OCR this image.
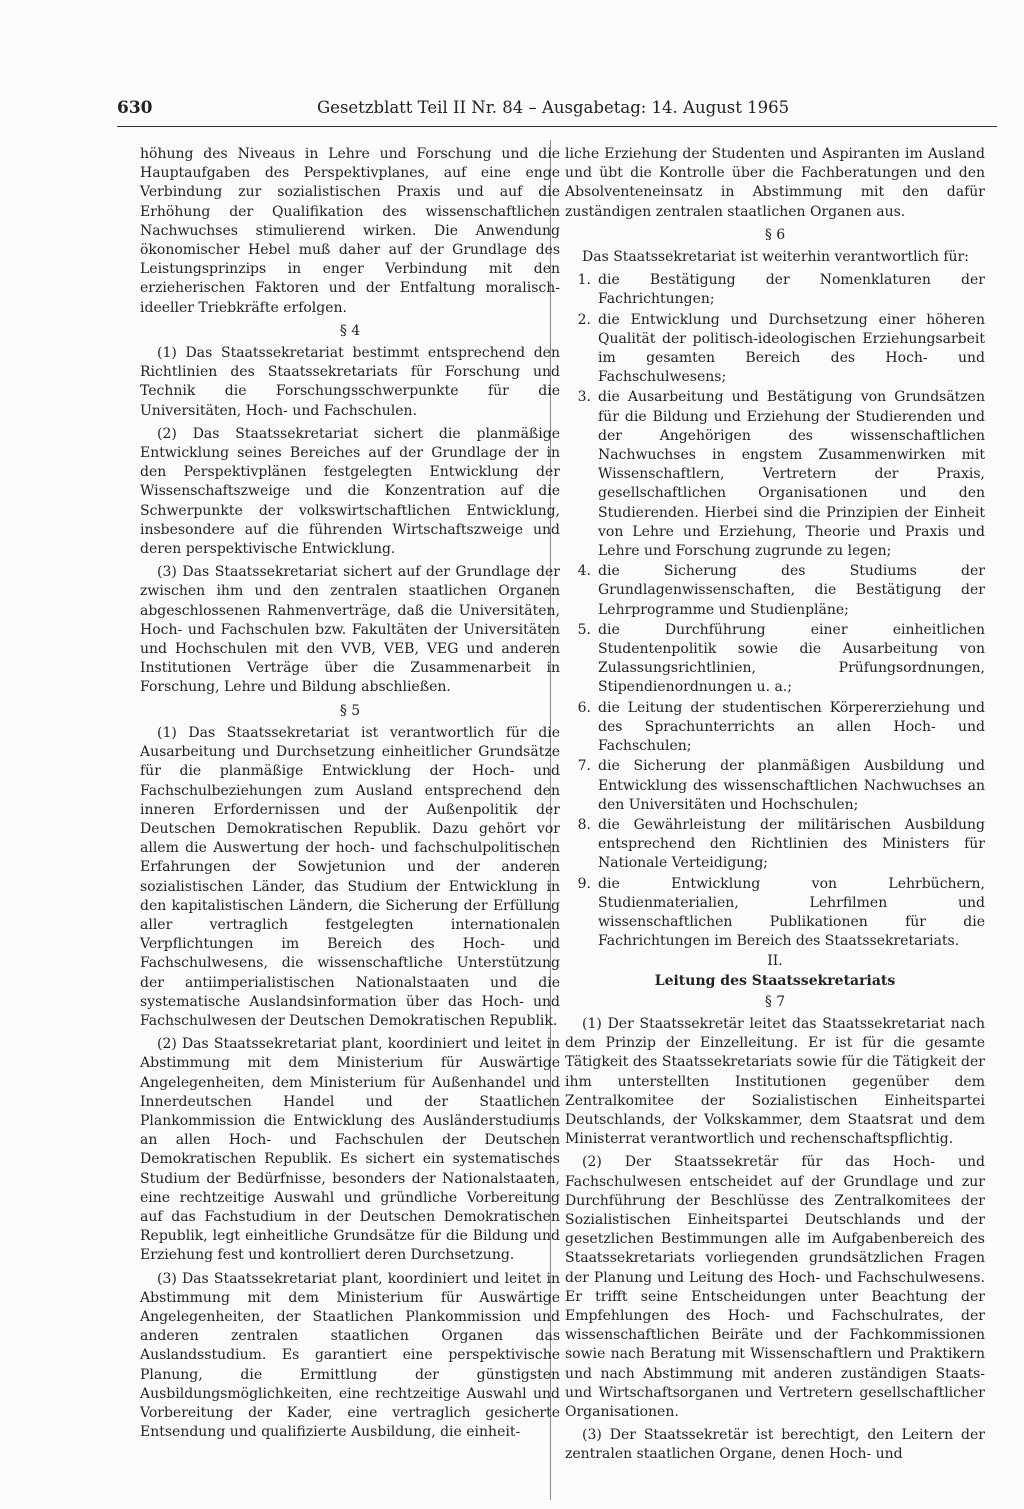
630	Gesetzblatt Teil II Nr. 84 – Ausgabetag: 14. August 1965

höhung des Niveaus in Lehre und Forschung und die Hauptaufgaben des Perspektivplanes, auf eine enge Verbindung zur sozialistischen Praxis und auf die Erhöhung der Qualifikation des wissenschaftlichen Nachwuchses stimulierend wirken. Die Anwendung ökonomischer Hebel muß daher auf der Grundlage des Leistungsprinzips in enger Verbindung mit den erzieherischen Faktoren und der Entfaltung moralisch-ideeller Triebkräfte erfolgen.

§ 4

(1) Das Staatssekretariat bestimmt entsprechend den Richtlinien des Staatssekretariats für Forschung und Technik die Forschungsschwerpunkte für die Universitäten, Hoch- und Fachschulen.

(2) Das Staatssekretariat sichert die planmäßige Entwicklung seines Bereiches auf der Grundlage der in den Perspektivplänen festgelegten Entwicklung der Wissenschaftszweige und die Konzentration auf die Schwerpunkte der volkswirtschaftlichen Entwicklung, insbesondere auf die führenden Wirtschaftszweige und deren perspektivische Entwicklung.

(3) Das Staatssekretariat sichert auf der Grundlage der zwischen ihm und den zentralen staatlichen Organen abgeschlossenen Rahmenverträge, daß die Universitäten, Hoch- und Fachschulen bzw. Fakultäten der Universitäten und Hochschulen mit den VVB, VEB, VEG und anderen Institutionen Verträge über die Zusammenarbeit in Forschung, Lehre und Bildung abschließen.

§ 5

(1) Das Staatssekretariat ist verantwortlich für die Ausarbeitung und Durchsetzung einheitlicher Grundsätze für die planmäßige Entwicklung der Hoch- und Fachschulbeziehungen zum Ausland entsprechend den inneren Erfordernissen und der Außenpolitik der Deutschen Demokratischen Republik. Dazu gehört vor allem die Auswertung der hoch- und fachschulpolitischen Erfahrungen der Sowjetunion und der anderen sozialistischen Länder, das Studium der Entwicklung in den kapitalistischen Ländern, die Sicherung der Erfüllung aller vertraglich festgelegten internationalen Verpflichtungen im Bereich des Hoch- und Fachschulwesens, die wissenschaftliche Unterstützung der antiimperialistischen Nationalstaaten und die systematische Auslandsinformation über das Hoch- und Fachschulwesen der Deutschen Demokratischen Republik.

(2) Das Staatssekretariat plant, koordiniert und leitet in Abstimmung mit dem Ministerium für Auswärtige Angelegenheiten, dem Ministerium für Außenhandel und Innerdeutschen Handel und der Staatlichen Plankommission die Entwicklung des Ausländerstudiums an allen Hoch- und Fachschulen der Deutschen Demokratischen Republik. Es sichert ein systematisches Studium der Bedürfnisse, besonders der Nationalstaaten, eine rechtzeitige Auswahl und gründliche Vorbereitung auf das Fachstudium in der Deutschen Demokratischen Republik, legt einheitliche Grundsätze für die Bildung und Erziehung fest und kontrolliert deren Durchsetzung.

(3) Das Staatssekretariat plant, koordiniert und leitet in Abstimmung mit dem Ministerium für Auswärtige Angelegenheiten, der Staatlichen Plankommission und anderen zentralen staatlichen Organen das Auslandsstudium. Es garantiert eine perspektivische Planung, die Ermittlung der günstigsten Ausbildungsmöglichkeiten, eine rechtzeitige Auswahl und Vorbereitung der Kader, eine vertraglich gesicherte Entsendung und qualifizierte Ausbildung, die einheit-

liche Erziehung der Studenten und Aspiranten im Ausland und übt die Kontrolle über die Fachberatungen und den Absolventeneinsatz in Abstimmung mit den dafür zuständigen zentralen staatlichen Organen aus.

§ 6

Das Staatssekretariat ist weiterhin verantwortlich für:

1. die Bestätigung der Nomenklaturen der Fachrichtungen;
2. die Entwicklung und Durchsetzung einer höheren Qualität der politisch-ideologischen Erziehungsarbeit im gesamten Bereich des Hoch- und Fachschulwesens;
3. die Ausarbeitung und Bestätigung von Grundsätzen für die Bildung und Erziehung der Studierenden und der Angehörigen des wissenschaftlichen Nachwuchses in engstem Zusammenwirken mit Wissenschaftlern, Vertretern der Praxis, gesellschaftlichen Organisationen und den Studierenden. Hierbei sind die Prinzipien der Einheit von Lehre und Erziehung, Theorie und Praxis und Lehre und Forschung zugrunde zu legen;
4. die Sicherung des Studiums der Grundlagenwissenschaften, die Bestätigung der Lehrprogramme und Studienpläne;
5. die Durchführung einer einheitlichen Studentenpolitik sowie die Ausarbeitung von Zulassungsrichtlinien, Prüfungsordnungen, Stipendienordnungen u. a.;
6. die Leitung der studentischen Körpererziehung und des Sprachunterrichts an allen Hoch- und Fachschulen;
7. die Sicherung der planmäßigen Ausbildung und Entwicklung des wissenschaftlichen Nachwuchses an den Universitäten und Hochschulen;
8. die Gewährleistung der militärischen Ausbildung entsprechend den Richtlinien des Ministers für Nationale Verteidigung;
9. die Entwicklung von Lehrbüchern, Studienmaterialien, Lehrfilmen und wissenschaftlichen Publikationen für die Fachrichtungen im Bereich des Staatssekretariats.

II.

Leitung des Staatssekretariats

§ 7

(1) Der Staatssekretär leitet das Staatssekretariat nach dem Prinzip der Einzelleitung. Er ist für die gesamte Tätigkeit des Staatssekretariats sowie für die Tätigkeit der ihm unterstellten Institutionen gegenüber dem Zentralkomitee der Sozialistischen Einheitspartei Deutschlands, der Volkskammer, dem Staatsrat und dem Ministerrat verantwortlich und rechenschaftspflichtig.

(2) Der Staatssekretär für das Hoch- und Fachschulwesen entscheidet auf der Grundlage und zur Durchführung der Beschlüsse des Zentralkomitees der Sozialistischen Einheitspartei Deutschlands und der gesetzlichen Bestimmungen alle im Aufgabenbereich des Staatssekretariats vorliegenden grundsätzlichen Fragen der Planung und Leitung des Hoch- und Fachschulwesens. Er trifft seine Entscheidungen unter Beachtung der Empfehlungen des Hoch- und Fachschulrates, der wissenschaftlichen Beiräte und der Fachkommissionen sowie nach Beratung mit Wissenschaftlern und Praktikern und nach Abstimmung mit anderen zuständigen Staats- und Wirtschaftsorganen und Vertretern gesellschaftlicher Organisationen.

(3) Der Staatssekretär ist berechtigt, den Leitern der zentralen staatlichen Organe, denen Hoch- und
